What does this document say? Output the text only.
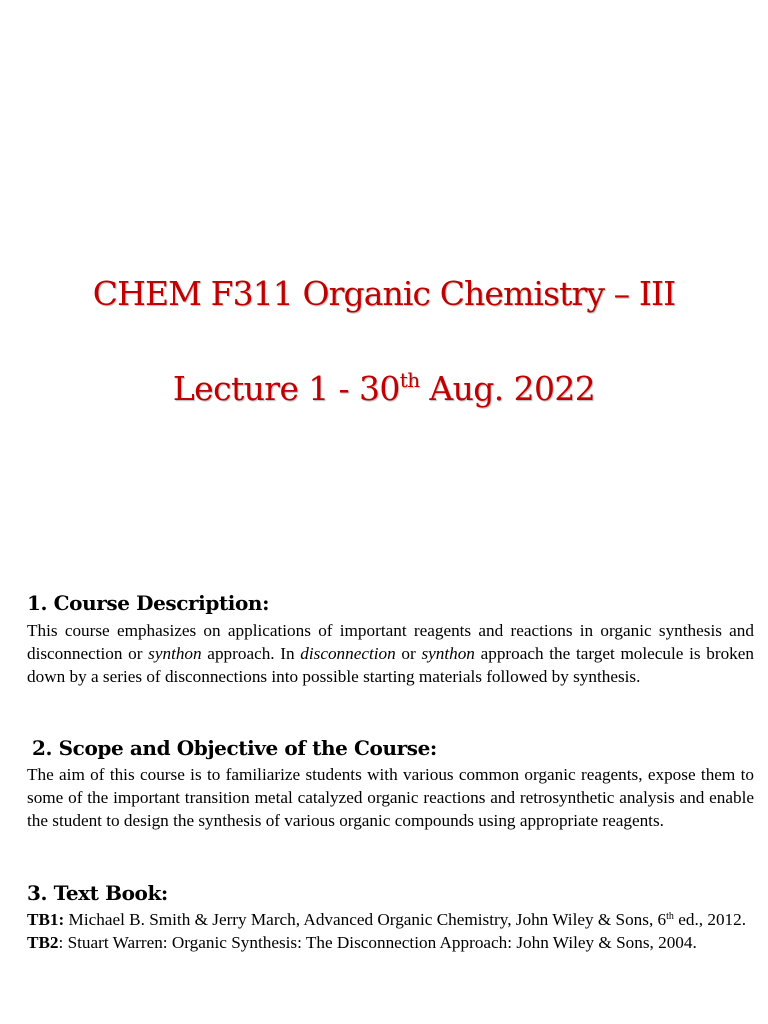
CHEM F311 Organic Chemistry – III
Lecture 1 - 30th Aug. 2022
1. Course Description:

This course emphasizes on applications of important reagents and reactions in organic synthesis and disconnection or synthon approach. In disconnection or synthon approach the target molecule is broken down by a series of disconnections into possible starting materials followed by synthesis.

2. Scope and Objective of the Course:

The aim of this course is to familiarize students with various common organic reagents, expose them to some of the important transition metal catalyzed organic reactions and retrosynthetic analysis and enable the student to design the synthesis of various organic compounds using appropriate reagents.

3. Text Book:

TB1: Michael B. Smith & Jerry March, Advanced Organic Chemistry, John Wiley & Sons, 6th ed., 2012.

TB2: Stuart Warren: Organic Synthesis: The Disconnection Approach: John Wiley & Sons, 2004.
